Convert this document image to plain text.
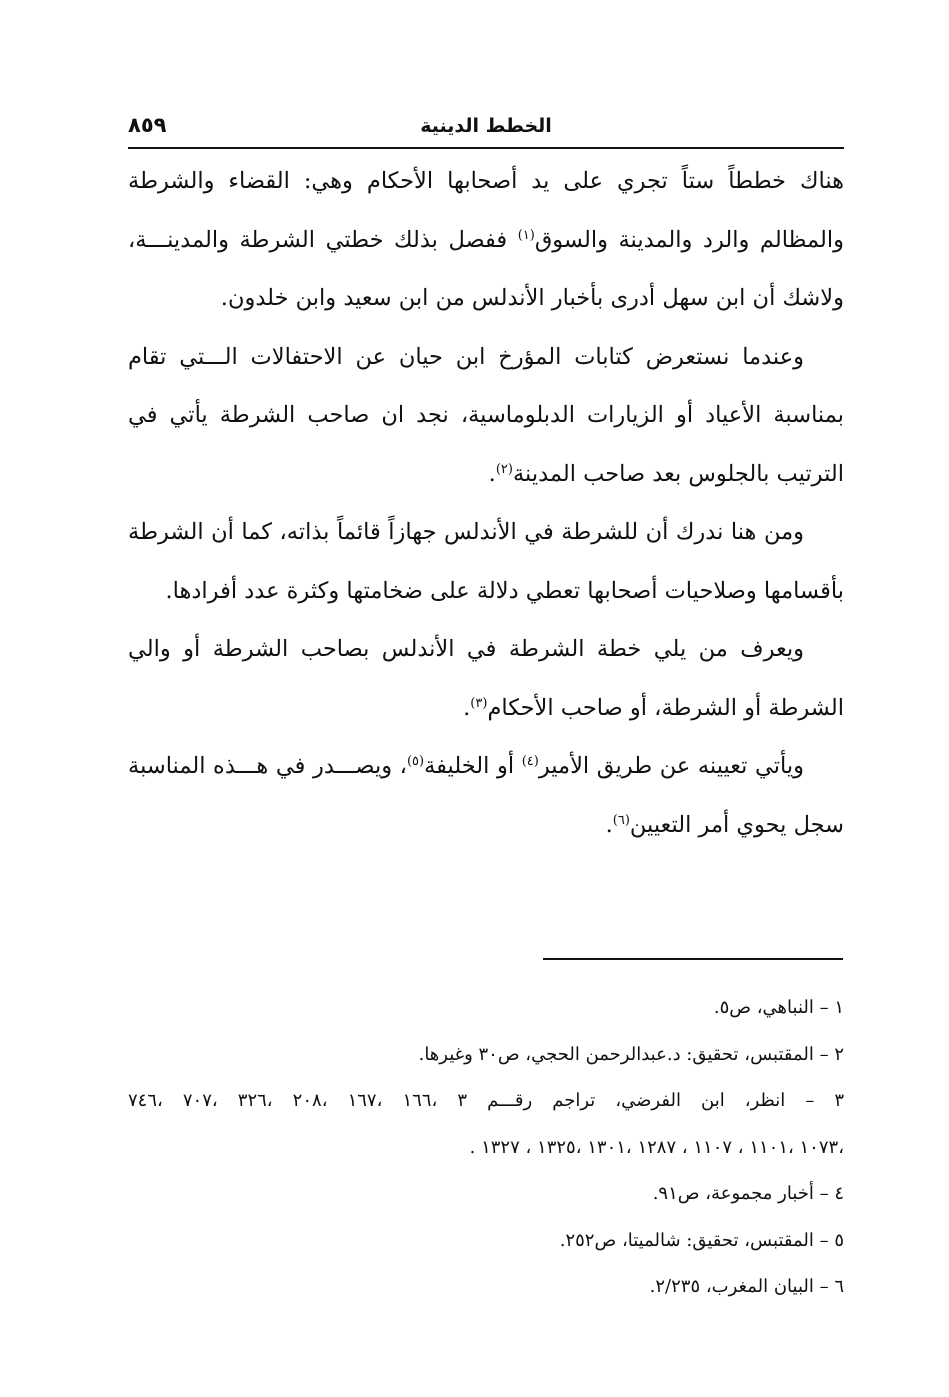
الخطط الدينية
٨٥٩

هناك خططاً ستاً تجري على يد أصحابها الأحكام وهي: القضاء والشرطة والمظالم والرد والمدينة والسوق$^{(١)}$ ففصل بذلك خطتي الشرطة والمدينـــة، ولاشك أن ابن سهل أدرى بأخبار الأندلس من ابن سعيد وابن خلدون.

وعندما نستعرض كتابات المؤرخ ابن حيان عن الاحتفالات الـــتي تقام بمناسبة الأعياد أو الزيارات الدبلوماسية، نجد ان صاحب الشرطة يأتي في الترتيب بالجلوس بعد صاحب المدينة$^{(٢)}$.

ومن هنا ندرك أن للشرطة في الأندلس جهازاً قائماً بذاته، كما أن الشرطة بأقسامها وصلاحيات أصحابها تعطي دلالة على ضخامتها وكثرة عدد أفرادها.

ويعرف من يلي خطة الشرطة في الأندلس بصاحب الشرطة أو والي الشرطة أو الشرطة، أو صاحب الأحكام$^{(٣)}$.

ويأتي تعيينه عن طريق الأمير$^{(٤)}$ أو الخليفة$^{(٥)}$، ويصـــدر في هـــذه المناسبة سجل يحوي أمر التعيين$^{(٦)}$.

١ – النباهي، ص٥.

٢ – المقتبس، تحقيق: د.عبدالرحمن الحجي، ص٣٠ وغيرها.

٣ – انظر، ابن الفرضي، تراجم رقـــم ٣ ،١٦٦ ،١٦٧ ،٢٠٨ ،٣٢٦ ،٧٠٧ ،٧٤٦

،١٠٧٣ ،١١٠١ ، ١١٠٧ ، ١٢٨٧ ،١٣٠١ ،١٣٢٥ ، ١٣٢٧ .

٤ – أخبار مجموعة، ص٩١.

٥ – المقتبس، تحقيق: شالميتا، ص٢٥٢.

٦ – البيان المغرب، ٢/٢٣٥.
